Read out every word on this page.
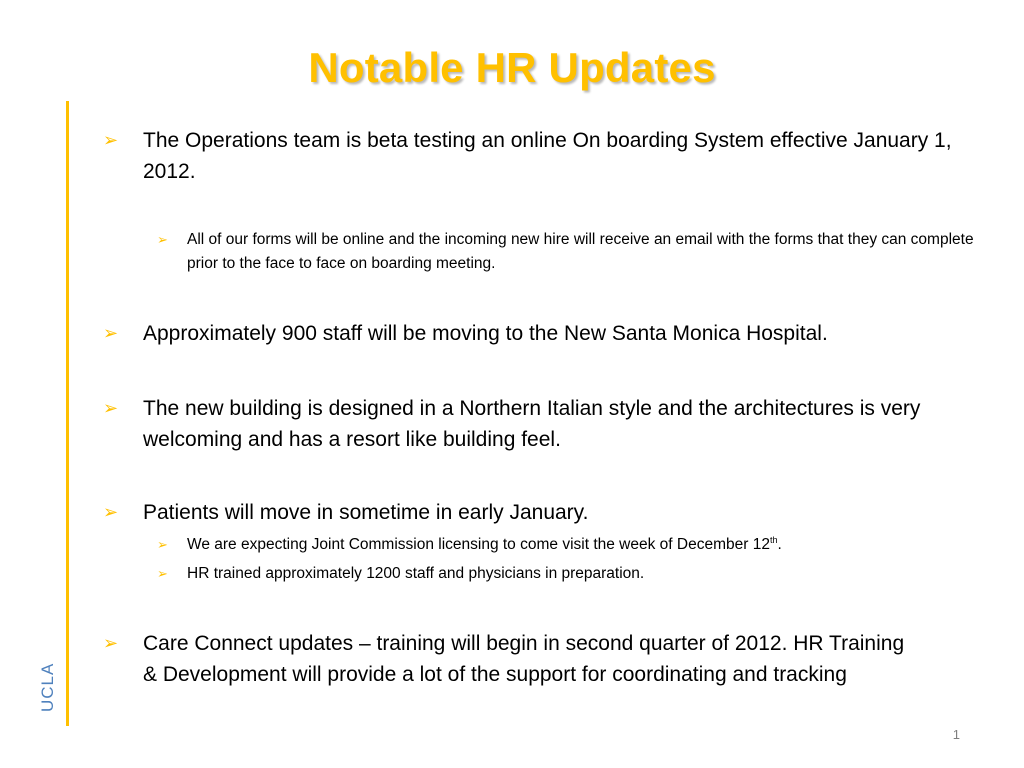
Notable HR Updates
UCLA
➢ The Operations team is beta testing an online On boarding System effective January 1, 2012.
➢ All of our forms will be online and the incoming new hire will receive an email with the forms that they can complete prior to the face to face on boarding meeting.
➢ Approximately 900 staff will be moving to the New Santa Monica Hospital.
➢ The new building is designed in a Northern Italian style and the architectures is very welcoming and has a resort like building feel.
➢ Patients will move in sometime in early January.
➢ We are expecting Joint Commission licensing to come visit the week of December 12th.
➢ HR trained approximately 1200 staff and physicians in preparation.
➢ Care Connect updates – training will begin in second quarter of 2012. HR Training & Development will provide a lot of the support for coordinating and tracking
1
